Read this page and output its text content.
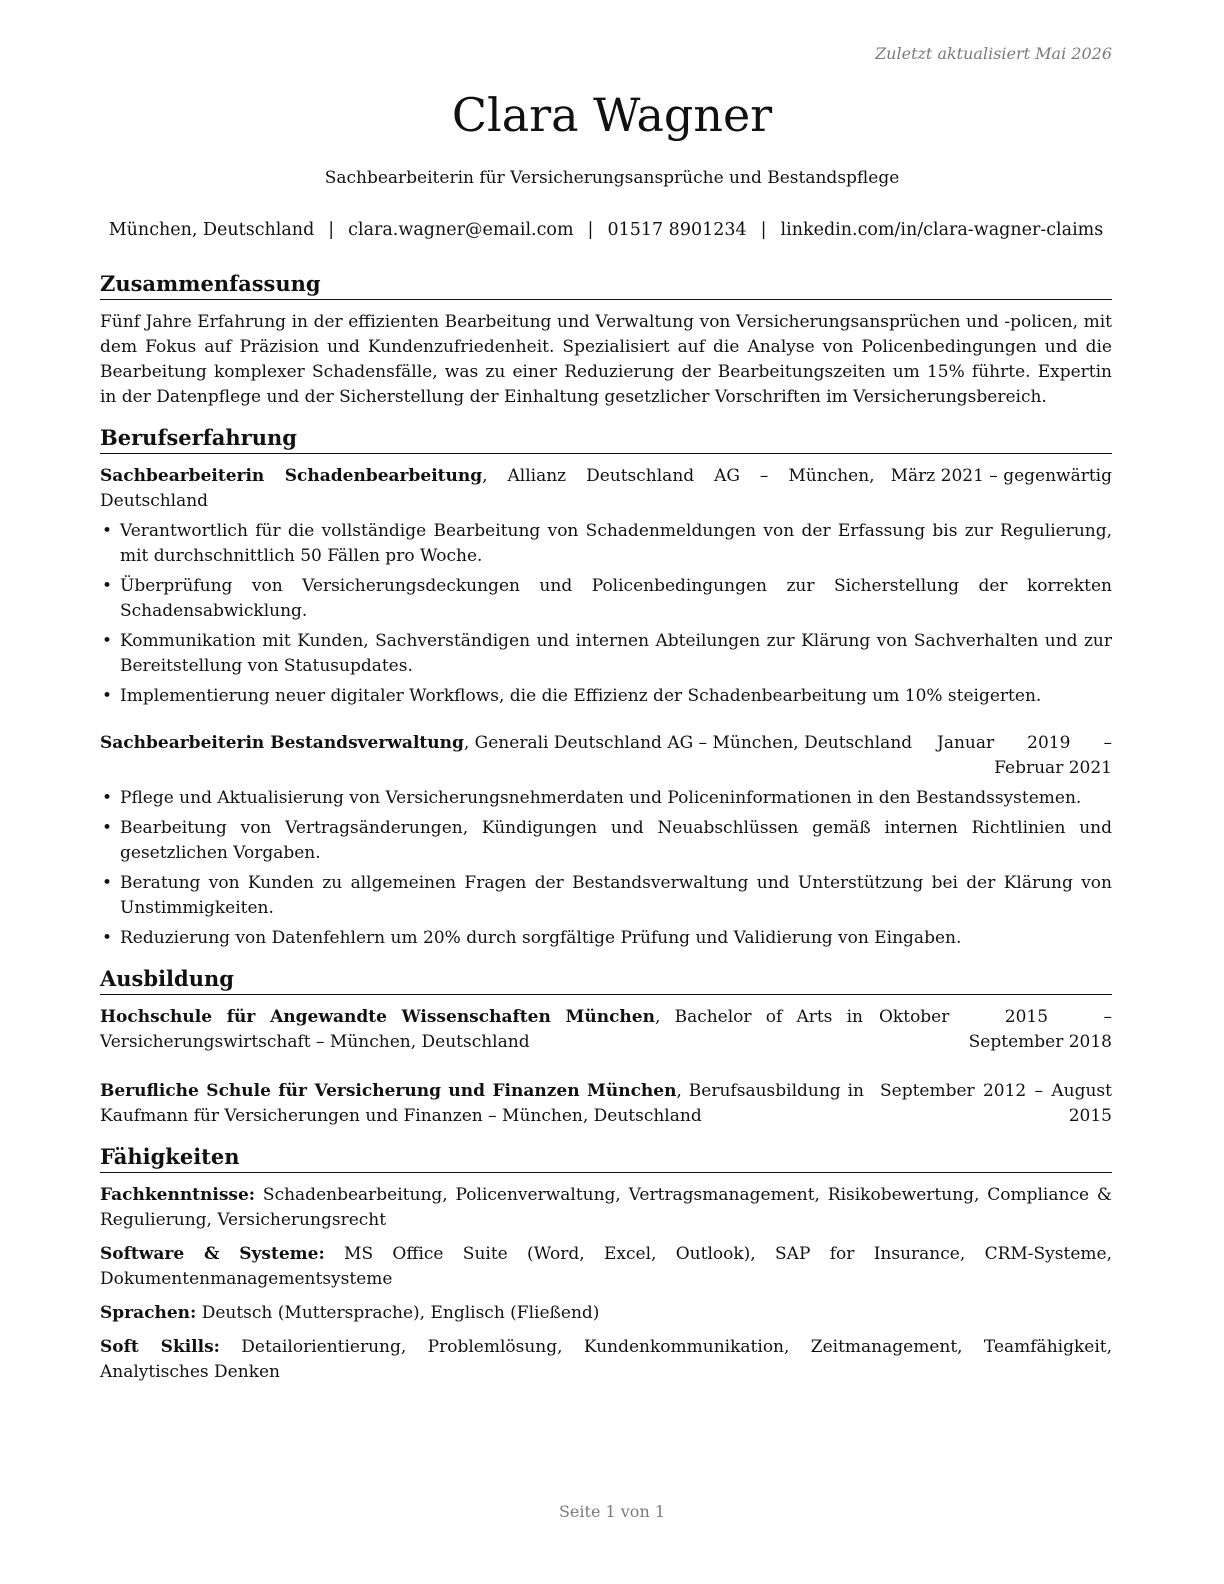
Zuletzt aktualisiert Mai 2026
Clara Wagner
Sachbearbeiterin für Versicherungsansprüche und Bestandspflege
München, Deutschland | clara.wagner@email.com | 01517 8901234 | linkedin.com/in/clara-wagner-claims
Zusammenfassung

Fünf Jahre Erfahrung in der effizienten Bearbeitung und Verwaltung von Versicherungsansprüchen und -policen, mit dem Fokus auf Präzision und Kundenzufriedenheit. Spezialisiert auf die Analyse von Policenbedingungen und die Bearbeitung komplexer Schadensfälle, was zu einer Reduzierung der Bearbeitungszeiten um 15% führte. Expertin in der Datenpflege und der Sicherstellung der Einhaltung gesetzlicher Vorschriften im Versicherungsbereich.

Berufserfahrung
Sachbearbeiterin Schadenbearbeitung, Allianz Deutschland AG – München, Deutschland
März 2021 – gegenwärtig
• Verantwortlich für die vollständige Bearbeitung von Schadenmeldungen von der Erfassung bis zur Regulierung, mit durchschnittlich 50 Fällen pro Woche.
• Überprüfung von Versicherungsdeckungen und Policenbedingungen zur Sicherstellung der korrekten Schadensabwicklung.
• Kommunikation mit Kunden, Sachverständigen und internen Abteilungen zur Klärung von Sachverhalten und zur Bereitstellung von Statusupdates.
• Implementierung neuer digitaler Workflows, die die Effizienz der Schadenbearbeitung um 10% steigerten.
Sachbearbeiterin Bestandsverwaltung, Generali Deutschland AG – München, Deutschland	Januar 2019 – Februar 2021
• Pflege und Aktualisierung von Versicherungsnehmerdaten und Policeninformationen in den Bestandssystemen.
• Bearbeitung von Vertragsänderungen, Kündigungen und Neuabschlüssen gemäß internen Richtlinien und gesetzlichen Vorgaben.
• Beratung von Kunden zu allgemeinen Fragen der Bestandsverwaltung und Unterstützung bei der Klärung von Unstimmigkeiten.
• Reduzierung von Datenfehlern um 20% durch sorgfältige Prüfung und Validierung von Eingaben.
Ausbildung
Hochschule für Angewandte Wissenschaften München, Bachelor of Arts in Versicherungswirtschaft – München, Deutschland
Oktober 2015 – September 2018
Berufliche Schule für Versicherung und Finanzen München, Berufsausbildung in Kaufmann für Versicherungen und Finanzen – München, Deutschland
September 2012 – August 2015
Fähigkeiten

Fachkenntnisse: Schadenbearbeitung, Policenverwaltung, Vertragsmanagement, Risikobewertung, Compliance & Regulierung, Versicherungsrecht

Software & Systeme: MS Office Suite (Word, Excel, Outlook), SAP for Insurance, CRM-Systeme, Dokumentenmanagementsysteme

Sprachen: Deutsch (Muttersprache), Englisch (Fließend)

Soft Skills: Detailorientierung, Problemlösung, Kundenkommunikation, Zeitmanagement, Teamfähigkeit, Analytisches Denken

Seite 1 von 1
